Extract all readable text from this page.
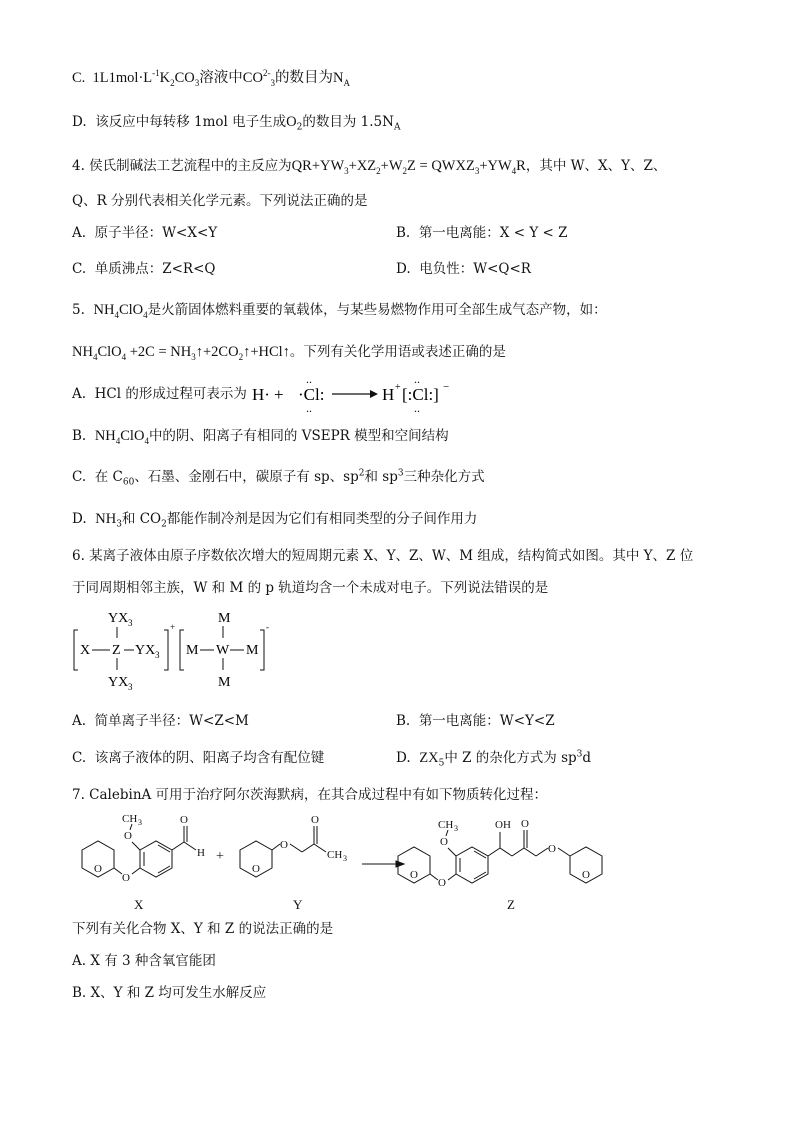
C. $1L1mol\cdot L^{-1}K_2CO_3$溶液中$CO^{2-}_3$的数目为$N_A$
D. 该反应中每转移 1mol 电子生成$O_2$的数目为 $1.5N_A$
4. 侯氏制碱法工艺流程中的主反应为$QR+YW_3+XZ_2+W_2Z$ = $QWXZ_3+YW_4R$，其中 W、X、Y、Z、
Q、R 分别代表相关化学元素。下列说法正确的是
A. 原子半径：W<X<Y	B. 第一电离能：X < Y < Z
C. 单质沸点：Z<R<Q	D. 电负性：W<Q<R
5. $NH_4ClO_4$是火箭固体燃料重要的氧载体，与某些易燃物作用可全部生成气态产物，如：
$NH_4ClO_4 +2C$ = $NH_3↑+2CO_2↑+HCl↑$。下列有关化学用语或表述正确的是
A. HCl 的形成过程可表示为 H· + ·Cl:
..
..
H + [:Cl:]
..
..
−
B. $NH_4ClO_4$中的阴、阳离子有相同的 VSEPR 模型和空间结构
C. 在 $C_{60}$、石墨、金刚石中，碳原子有 sp、$sp^2$和 $sp^3$三种杂化方式
D. $NH_3$和 $CO_2$都能作制冷剂是因为它们有相同类型的分子间作用力
6. 某离子液体由原子序数依次增大的短周期元素 X、Y、Z、W、M 组成，结构简式如图。其中 Y、Z 位
于同周期相邻主族，W 和 M 的 p 轨道均含一个未成对电子。下列说法错误的是
YX 3
X Z YX 3
YX 3
+
M
M W M
M
-
A. 简单离子半径：W<Z<M	B. 第一电离能：W<Y<Z
C. 该离子液体的阴、阳离子均含有配位键	D. $ZX_5$中 Z 的杂化方式为 $sp^3d$
7. CalebinA 可用于治疗阿尔茨海默病，在其合成过程中有如下物质转化过程：
O
O
O
CH 3	O
H +
O
O
O
CH 3
O
O
O
CH 3	OH O
O
O
X	Y	Z
下列有关化合物 X、Y 和 Z 的说法正确的是
A. X 有 3 种含氧官能团
B. X、Y 和 Z 均可发生水解反应
